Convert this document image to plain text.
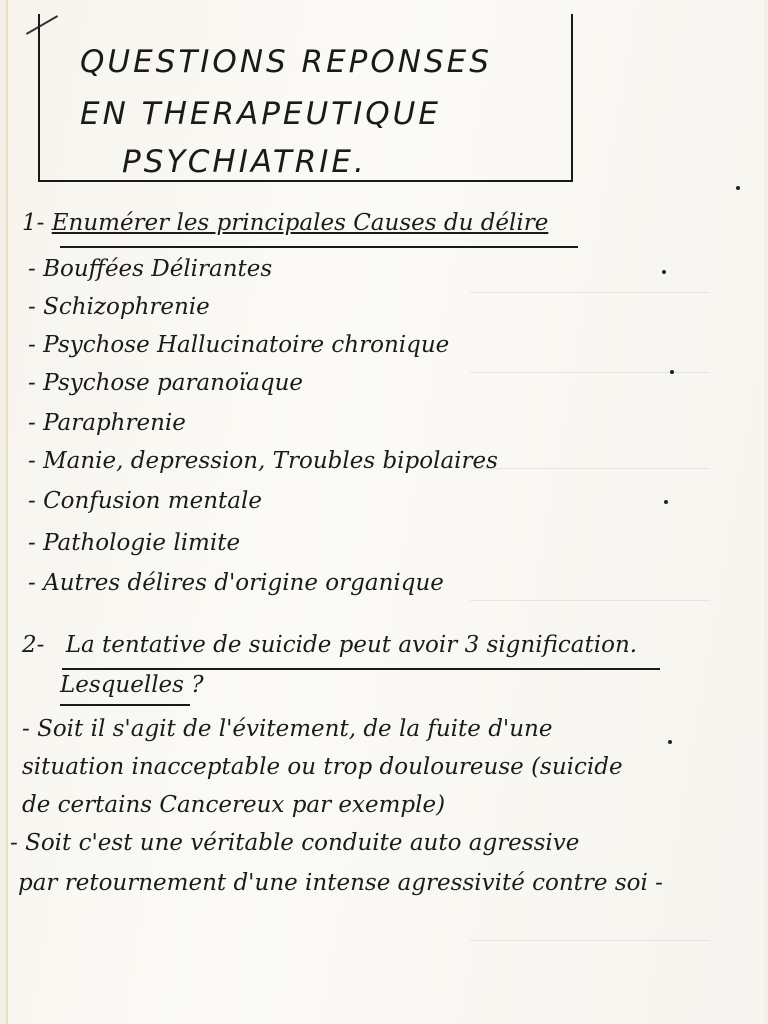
QUESTIONS REPONSES
EN THERAPEUTIQUE
PSYCHIATRIE.
1- Enumérer les principales Causes du délire
- Bouffées Délirantes
- Schizophrenie
- Psychose Hallucinatoire chronique
- Psychose paranoïaque
- Paraphrenie
- Manie, depression, Troubles bipolaires
- Confusion mentale
- Pathologie limite
- Autres délires d'origine organique
2- La tentative de suicide peut avoir 3 signification.
Lesquelles ?
- Soit il s'agit de l'évitement, de la fuite d'une
situation inacceptable ou trop douloureuse (suicide
de certains Cancereux par exemple)
- Soit c'est une véritable conduite auto agressive
par retournement d'une intense agressivité contre soi -
